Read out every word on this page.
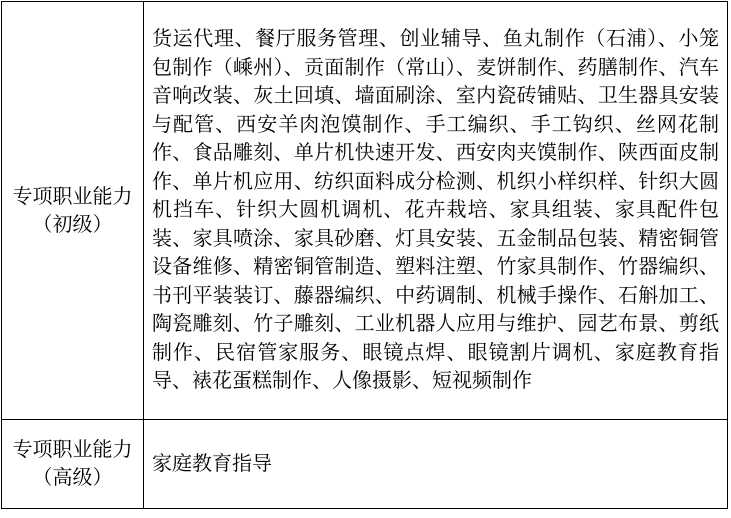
专项职业能力
（初级）	货运代理、餐厅服务管理、创业辅导、鱼丸制作（石浦）、小笼包制作（嵊州）、贡面制作（常山）、麦饼制作、药膳制作、汽车音响改装、灰土回填、墙面刷涂、室内瓷砖铺贴、卫生器具安装与配管、西安羊肉泡馍制作、手工编织、手工钩织、丝网花制作、食品雕刻、单片机快速开发、西安肉夹馍制作、陕西面皮制作、单片机应用、纺织面料成分检测、机织小样织样、针织大圆机挡车、针织大圆机调机、花卉栽培、家具组装、家具配件包装、家具喷涂、家具砂磨、灯具安装、五金制品包装、精密铜管设备维修、精密铜管制造、塑料注塑、竹家具制作、竹器编织、书刊平装装订、藤器编织、中药调制、机械手操作、石斛加工、陶瓷雕刻、竹子雕刻、工业机器人应用与维护、园艺布景、剪纸制作、民宿管家服务、眼镜点焊、眼镜割片调机、家庭教育指导、裱花蛋糕制作、人像摄影、短视频制作

专项职业能力
（高级）	家庭教育指导
